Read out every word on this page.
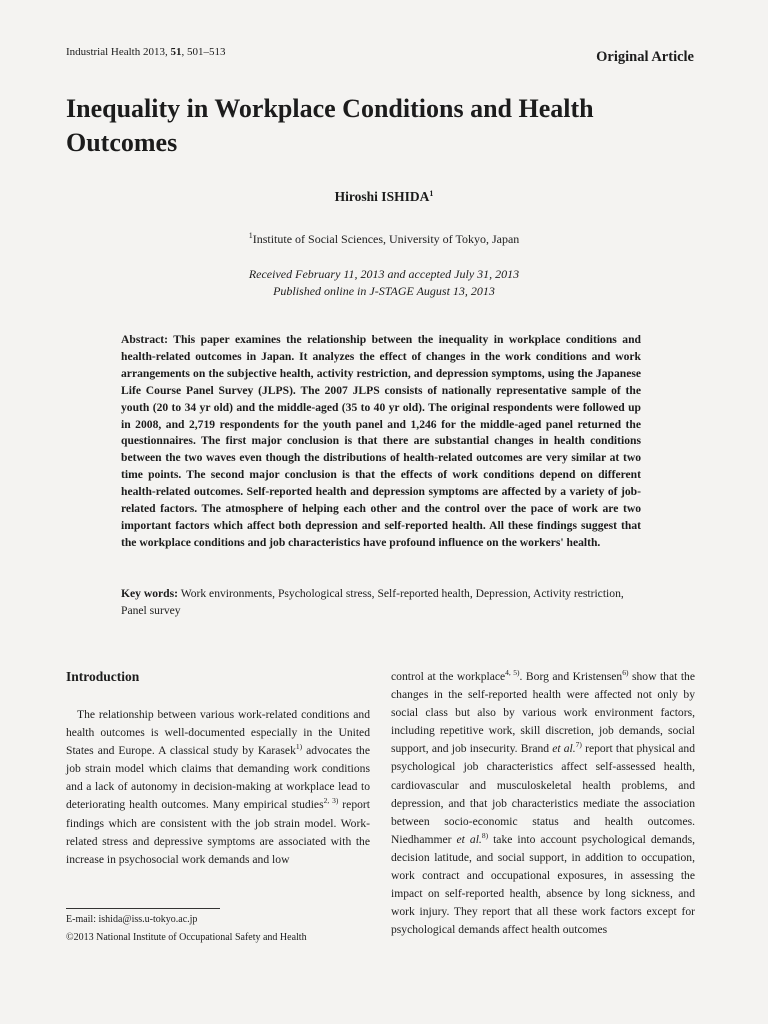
Industrial Health 2013, 51, 501–513	Original Article
Inequality in Workplace Conditions and Health Outcomes
Hiroshi ISHIDA$^1$
$^1$Institute of Social Sciences, University of Tokyo, Japan
Received February 11, 2013 and accepted July 31, 2013
Published online in J-STAGE August 13, 2013

Abstract: This paper examines the relationship between the inequality in workplace conditions and health-related outcomes in Japan. It analyzes the effect of changes in the work conditions and work arrangements on the subjective health, activity restriction, and depression symptoms, using the Japanese Life Course Panel Survey (JLPS). The 2007 JLPS consists of nationally representative sample of the youth (20 to 34 yr old) and the middle-aged (35 to 40 yr old). The original respondents were followed up in 2008, and 2,719 respondents for the youth panel and 1,246 for the middle-aged panel returned the questionnaires. The first major conclusion is that there are substantial changes in health conditions between the two waves even though the distributions of health-related outcomes are very similar at two time points. The second major conclusion is that the effects of work conditions depend on different health-related outcomes. Self-reported health and depression symptoms are affected by a variety of job-related factors. The atmosphere of helping each other and the control over the pace of work are two important factors which affect both depression and self-reported health. All these findings suggest that the workplace conditions and job characteristics have profound influence on the workers' health.

Key words: Work environments, Psychological stress, Self-reported health, Depression, Activity restriction, Panel survey

Introduction

The relationship between various work-related conditions and health outcomes is well-documented especially in the United States and Europe. A classical study by Karasek$^{1)}$ advocates the job strain model which claims that demanding work conditions and a lack of autonomy in decision-making at workplace lead to deteriorating health outcomes. Many empirical studies$^{2, 3)}$ report findings which are consistent with the job strain model. Work-related stress and depressive symptoms are associated with the increase in psychosocial work demands and low

control at the workplace$^{4, 5)}$. Borg and Kristensen$^{6)}$ show that the changes in the self-reported health were affected not only by social class but also by various work environment factors, including repetitive work, skill discretion, job demands, social support, and job insecurity. Brand et al.$^{7)}$ report that physical and psychological job characteristics affect self-assessed health, cardiovascular and musculoskeletal health problems, and depression, and that job characteristics mediate the association between socio-economic status and health outcomes. Niedhammer et al.$^{8)}$ take into account psychological demands, decision latitude, and social support, in addition to occupation, work contract and occupational exposures, in assessing the impact on self-reported health, absence by long sickness, and work injury. They report that all these work factors except for psychological demands affect health outcomes

E-mail: ishida@iss.u-tokyo.ac.jp
©2013 National Institute of Occupational Safety and Health
